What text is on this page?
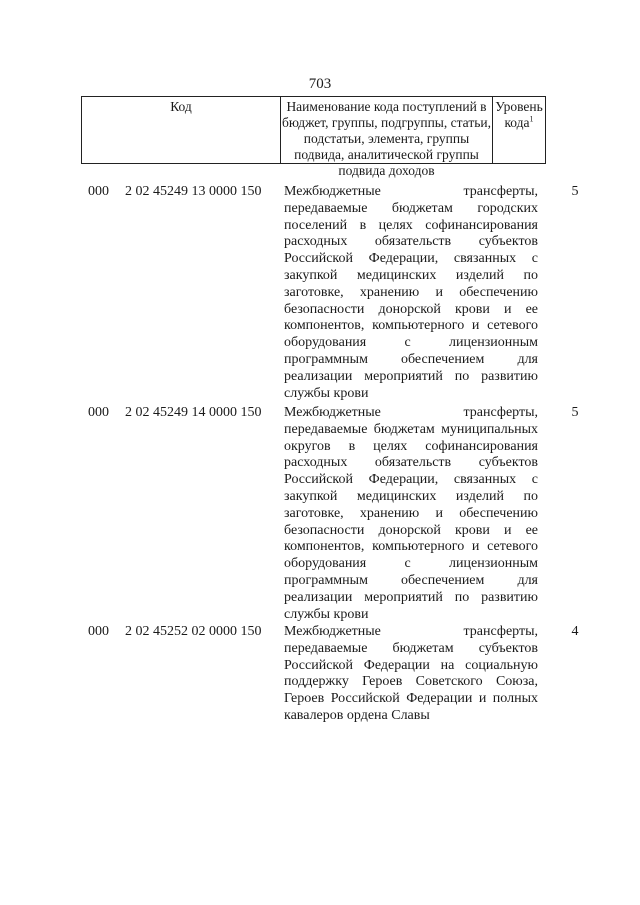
703
Код	Наименование кода поступлений в бюджет, группы, подгруппы, статьи, подстатьи, элемента, группы подвида, аналитической группы подвида доходов
Уровень кода$^1$
000 2 02 45249 13 0000 150 Межбюджетные трансферты, передаваемые бюджетам городских поселений в целях софинансирования расходных обязательств субъектов Российской Федерации, связанных с закупкой медицинских изделий по заготовке, хранению и обеспечению безопасности донорской крови и ее компонентов, компьютерного и сетевого оборудования с лицензионным программным обеспечением для реализации мероприятий по развитию службы крови
5
000 2 02 45249 14 0000 150 Межбюджетные трансферты, передаваемые бюджетам муниципальных округов в целях софинансирования расходных обязательств субъектов Российской Федерации, связанных с закупкой медицинских изделий по заготовке, хранению и обеспечению безопасности донорской крови и ее компонентов, компьютерного и сетевого оборудования с лицензионным программным обеспечением для реализации мероприятий по развитию службы крови
5
000 2 02 45252 02 0000 150 Межбюджетные трансферты, передаваемые бюджетам субъектов Российской Федерации на социальную поддержку Героев Советского Союза, Героев Российской Федерации и полных кавалеров ордена Славы
4
